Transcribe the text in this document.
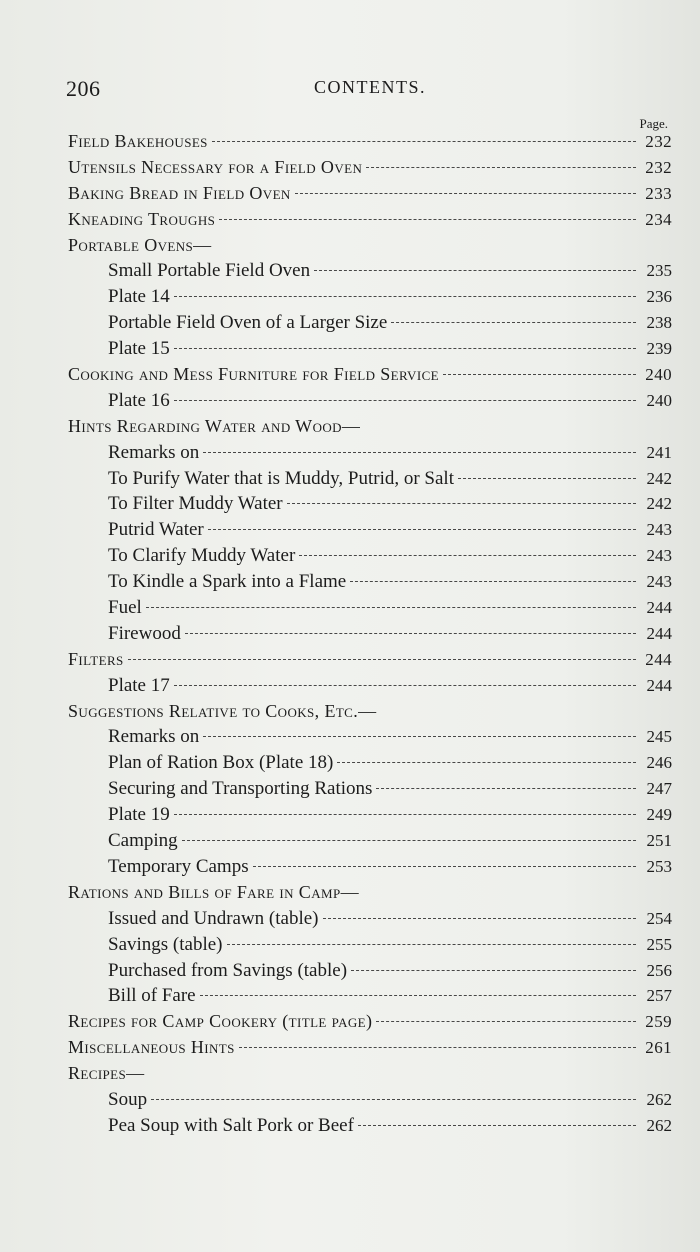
206	CONTENTS.
Page.
Field Bakehouses	232
Utensils Necessary for a Field Oven	232
Baking Bread in Field Oven	233
Kneading Troughs	234
Portable Ovens—
Small Portable Field Oven	235
Plate 14	236
Portable Field Oven of a Larger Size	238
Plate 15	239
Cooking and Mess Furniture for Field Service	240
Plate 16	240
Hints Regarding Water and Wood—
Remarks on	241
To Purify Water that is Muddy, Putrid, or Salt	242
To Filter Muddy Water	242
Putrid Water	243
To Clarify Muddy Water	243
To Kindle a Spark into a Flame	243
Fuel	244
Firewood	244
Filters	244
Plate 17	244
Suggestions Relative to Cooks, Etc.—
Remarks on	245
Plan of Ration Box (Plate 18)	246
Securing and Transporting Rations	247
Plate 19	249
Camping	251
Temporary Camps	253
Rations and Bills of Fare in Camp—
Issued and Undrawn (table)	254
Savings (table)	255
Purchased from Savings (table)	256
Bill of Fare	257
Recipes for Camp Cookery (title page)	259
Miscellaneous Hints	261
Recipes—
Soup	262
Pea Soup with Salt Pork or Beef	262
